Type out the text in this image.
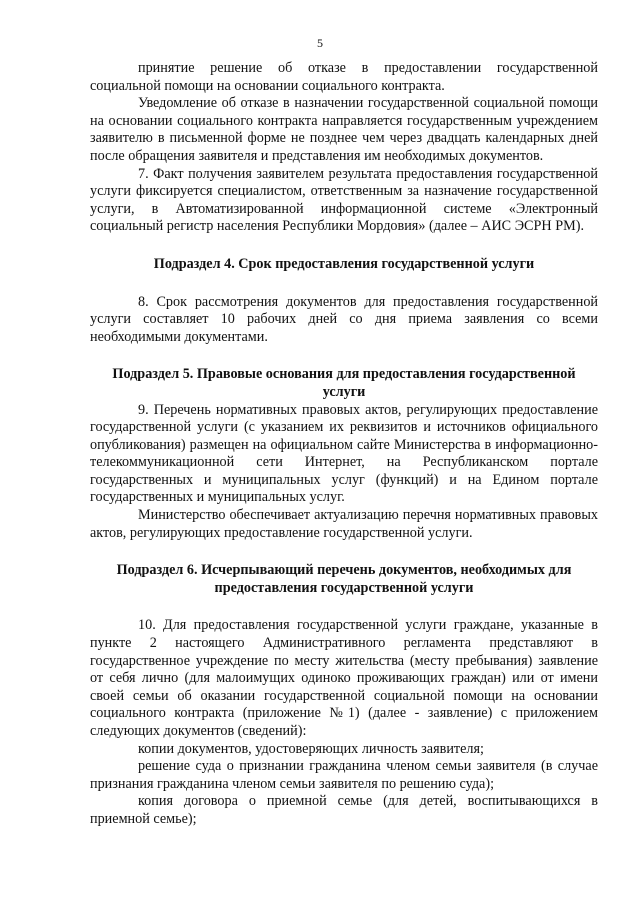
5

принятие решение об отказе в предоставлении государственной социальной помощи на основании социального контракта.

Уведомление об отказе в назначении государственной социальной помощи на основании социального контракта направляется государственным учреждением заявителю в письменной форме не позднее чем через двадцать календарных дней после обращения заявителя и представления им необходимых документов.

7. Факт получения заявителем результата предоставления государственной услуги фиксируется специалистом, ответственным за назначение государственной услуги, в Автоматизированной информационной системе «Электронный социальный регистр населения Республики Мордовия» (далее – АИС ЭСРН РМ).

Подраздел 4. Срок предоставления государственной услуги

8. Срок рассмотрения документов для предоставления государственной услуги составляет 10 рабочих дней со дня приема заявления со всеми необходимыми документами.

Подраздел 5. Правовые основания для предоставления государственной услуги

9. Перечень нормативных правовых актов, регулирующих предоставление государственной услуги (с указанием их реквизитов и источников официального опубликования) размещен на официальном сайте Министерства в информационно-телекоммуникационной сети Интернет, на Республиканском портале государственных и муниципальных услуг (функций) и на Едином портале государственных и муниципальных услуг.

Министерство обеспечивает актуализацию перечня нормативных правовых актов, регулирующих предоставление государственной услуги.

Подраздел 6. Исчерпывающий перечень документов, необходимых для предоставления государственной услуги

10. Для предоставления государственной услуги граждане, указанные в пункте 2 настоящего Административного регламента представляют в государственное учреждение по месту жительства (месту пребывания) заявление от себя лично (для малоимущих одиноко проживающих граждан) или от имени своей семьи об оказании государственной социальной помощи на основании социального контракта (приложение №1) (далее - заявление) с приложением следующих документов (сведений):

копии документов, удостоверяющих личность заявителя;

решение суда о признании гражданина членом семьи заявителя (в случае признания гражданина членом семьи заявителя по решению суда);

копия договора о приемной семье (для детей, воспитывающихся в приемной семье);
